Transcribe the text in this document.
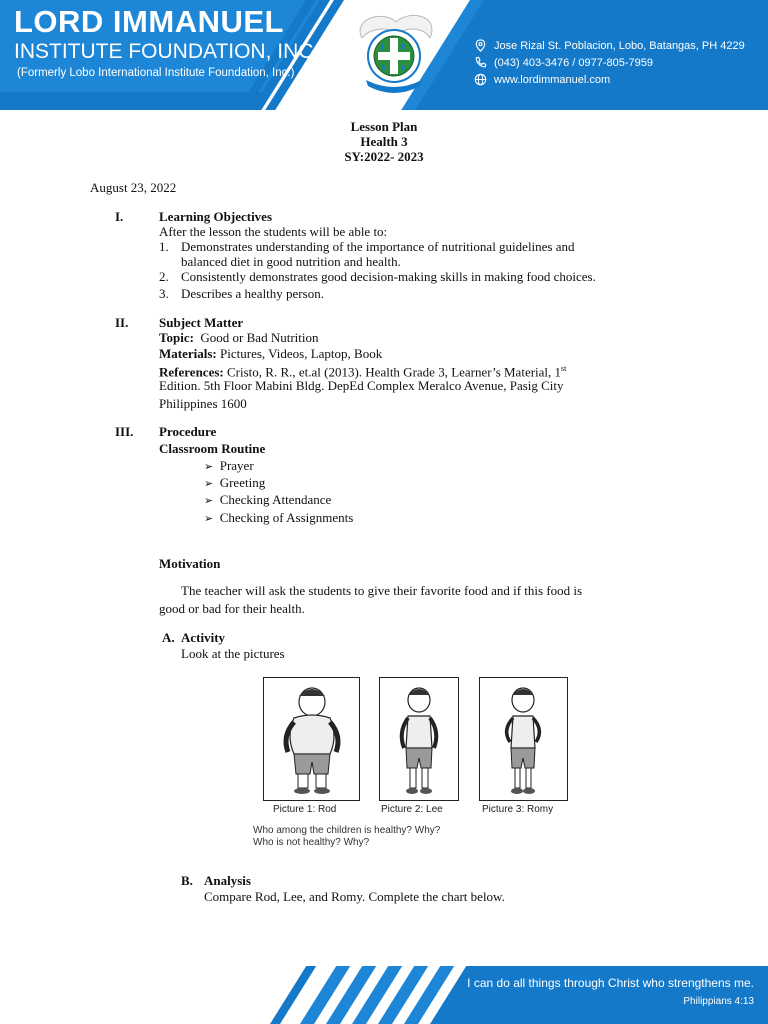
LORD IMMANUEL
INSTITUTE FOUNDATION, INC.
(Formerly Lobo International Institute Foundation, Inc.)
J E
S U
Jose Rizal St. Poblacion, Lobo, Batangas, PH 4229
(043) 403-3476 / 0977-805-7959
www.lordimmanuel.com
Lesson Plan
Health 3
SY:2022- 2023
August 23, 2022
I.	Learning Objectives
After the lesson the students will be able to:
1. Demonstrates understanding of the importance of nutritional guidelines and
balanced diet in good nutrition and health.
2. Consistently demonstrates good decision-making skills in making food choices.
3. Describes a healthy person.
II. Subject Matter
Topic: Good or Bad Nutrition
Materials: Pictures, Videos, Laptop, Book
References: Cristo, R. R., et.al (2013). Health Grade 3, Learner’s Material, 1st
Edition. 5th Floor Mabini Bldg. DepEd Complex Meralco Avenue, Pasig City
Philippines 1600
III. Procedure
Classroom Routine
➢ Prayer
➢ Greeting
➢ Checking Attendance
➢ Checking of Assignments
Motivation
The teacher will ask the students to give their favorite food and if this food is
good or bad for their health.
A. Activity
Look at the pictures
Picture 1: Rod	Picture 2: Lee	Picture 3: Romy
Who among the children is healthy? Why?
Who is not healthy? Why?
B. Analysis
Compare Rod, Lee, and Romy. Complete the chart below.
I can do all things through Christ who strengthens me.
Philippians 4:13
